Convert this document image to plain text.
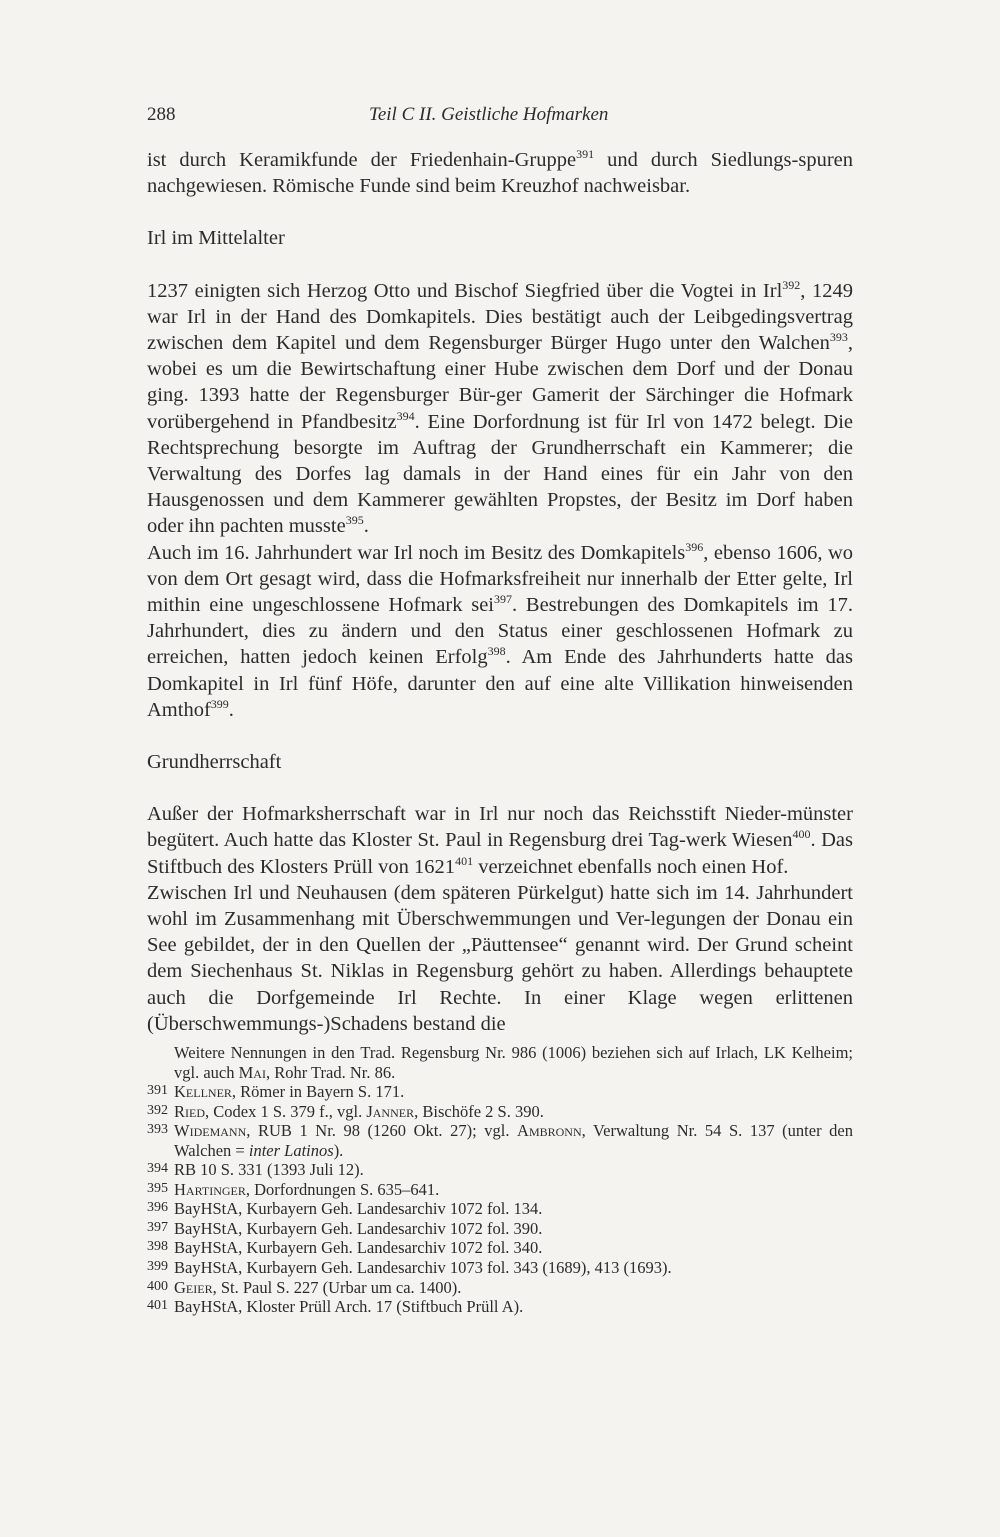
288	Teil C II. Geistliche Hofmarken

ist durch Keramikfunde der Friedenhain-Gruppe$^{391}$ und durch Siedlungs-spuren nachgewiesen. Römische Funde sind beim Kreuzhof nachweisbar.

Irl im Mittelalter

1237 einigten sich Herzog Otto und Bischof Siegfried über die Vogtei in Irl$^{392}$, 1249 war Irl in der Hand des Domkapitels. Dies bestätigt auch der Leibgedingsvertrag zwischen dem Kapitel und dem Regensburger Bürger Hugo unter den Walchen$^{393}$, wobei es um die Bewirtschaftung einer Hube zwischen dem Dorf und der Donau ging. 1393 hatte der Regensburger Bür-ger Gamerit der Särchinger die Hofmark vorübergehend in Pfandbesitz$^{394}$. Eine Dorfordnung ist für Irl von 1472 belegt. Die Rechtsprechung besorgte im Auftrag der Grundherrschaft ein Kammerer; die Verwaltung des Dorfes lag damals in der Hand eines für ein Jahr von den Hausgenossen und dem Kammerer gewählten Propstes, der Besitz im Dorf haben oder ihn pachten musste$^{395}$.

Auch im 16. Jahrhundert war Irl noch im Besitz des Domkapitels$^{396}$, ebenso 1606, wo von dem Ort gesagt wird, dass die Hofmarksfreiheit nur innerhalb der Etter gelte, Irl mithin eine ungeschlossene Hofmark sei$^{397}$. Bestrebungen des Domkapitels im 17. Jahrhundert, dies zu ändern und den Status einer geschlossenen Hofmark zu erreichen, hatten jedoch keinen Erfolg$^{398}$. Am Ende des Jahrhunderts hatte das Domkapitel in Irl fünf Höfe, darunter den auf eine alte Villikation hinweisenden Amthof$^{399}$.

Grundherrschaft

Außer der Hofmarksherrschaft war in Irl nur noch das Reichsstift Nieder-münster begütert. Auch hatte das Kloster St. Paul in Regensburg drei Tag-werk Wiesen$^{400}$. Das Stiftbuch des Klosters Prüll von 1621$^{401}$ verzeichnet ebenfalls noch einen Hof.

Zwischen Irl und Neuhausen (dem späteren Pürkelgut) hatte sich im 14. Jahrhundert wohl im Zusammenhang mit Überschwemmungen und Ver-legungen der Donau ein See gebildet, der in den Quellen der „Päuttensee“ genannt wird. Der Grund scheint dem Siechenhaus St. Niklas in Regensburg gehört zu haben. Allerdings behauptete auch die Dorfgemeinde Irl Rechte. In einer Klage wegen erlittenen (Überschwemmungs-)Schadens bestand die

Weitere Nennungen in den Trad. Regensburg Nr. 986 (1006) beziehen sich auf Irlach, LK Kelheim; vgl. auch Mai, Rohr Trad. Nr. 86.
391 Kellner, Römer in Bayern S. 171.
392 Ried, Codex 1 S. 379 f., vgl. Janner, Bischöfe 2 S. 390.
393 Widemann, RUB 1 Nr. 98 (1260 Okt. 27); vgl. Ambronn, Verwaltung Nr. 54 S. 137 (unter den Walchen = inter Latinos).
394 RB 10 S. 331 (1393 Juli 12).
395 Hartinger, Dorfordnungen S. 635–641.
396 BayHStA, Kurbayern Geh. Landesarchiv 1072 fol. 134.
397 BayHStA, Kurbayern Geh. Landesarchiv 1072 fol. 390.
398 BayHStA, Kurbayern Geh. Landesarchiv 1072 fol. 340.
399 BayHStA, Kurbayern Geh. Landesarchiv 1073 fol. 343 (1689), 413 (1693).
400 Geier, St. Paul S. 227 (Urbar um ca. 1400).
401 BayHStA, Kloster Prüll Arch. 17 (Stiftbuch Prüll A).
